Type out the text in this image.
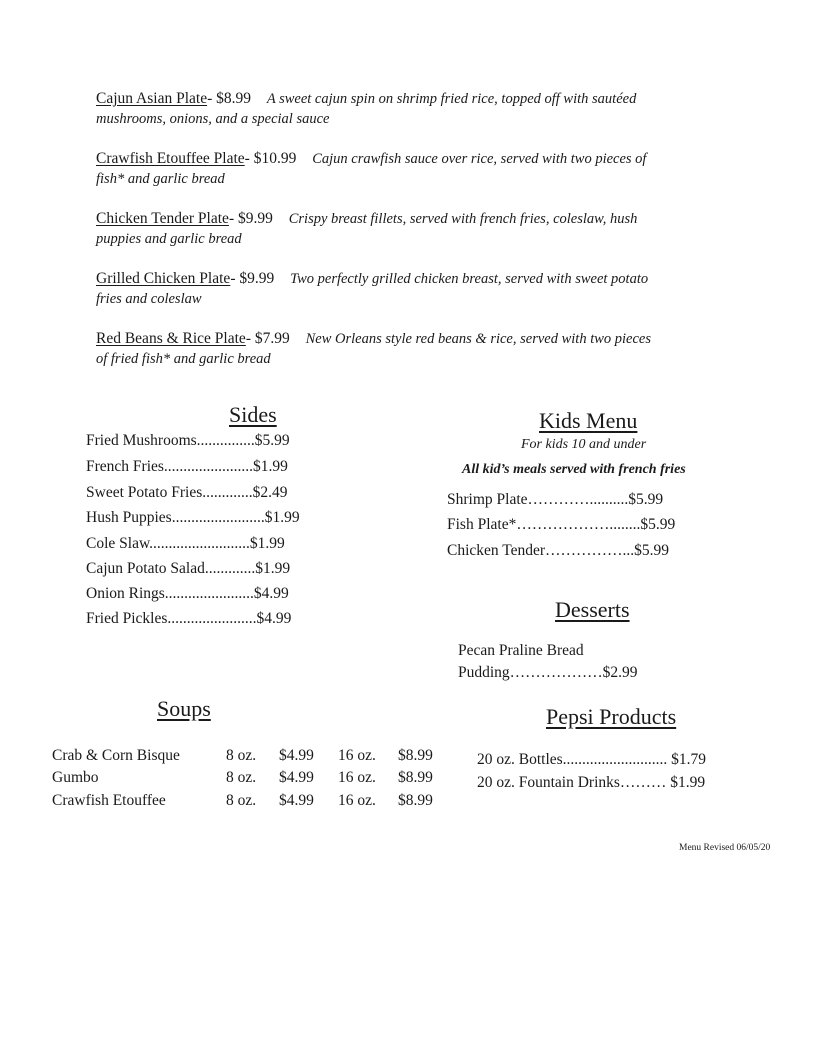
Cajun Asian Plate- $8.99 A sweet cajun spin on shrimp fried rice, topped off with sautéed
mushrooms, onions, and a special sauce
Crawfish Etouffee Plate- $10.99 Cajun crawfish sauce over rice, served with two pieces of
fish* and garlic bread
Chicken Tender Plate- $9.99 Crispy breast fillets, served with french fries, coleslaw, hush
puppies and garlic bread
Grilled Chicken Plate- $9.99 Two perfectly grilled chicken breast, served with sweet potato
fries and coleslaw
Red Beans & Rice Plate- $7.99 New Orleans style red beans & rice, served with two pieces
of fried fish* and garlic bread
Sides
Fried Mushrooms...............$5.99
French Fries.......................$1.99
Sweet Potato Fries.............$2.49
Hush Puppies........................$1.99
Cole Slaw..........................$1.99
Cajun Potato Salad.............$1.99
Onion Rings.......................$4.99
Fried Pickles.......................$4.99
Kids Menu
For kids 10 and under
All kid’s meals served with french fries
Shrimp Plate…………..........$5.99
Fish Plate*………………........$5.99
Chicken Tender……………...$5.99
Desserts
Pecan Praline Bread
Pudding………………$2.99
Soups
Crab & Corn Bisque	8 oz. $4.99 16 oz. $8.99
Gumbo	8 oz. $4.99 16 oz. $8.99
Crawfish Etouffee	8 oz. $4.99 16 oz. $8.99
Pepsi Products
20 oz. Bottles........................... $1.79
20 oz. Fountain Drinks……… $1.99
Menu Revised 06/05/20
